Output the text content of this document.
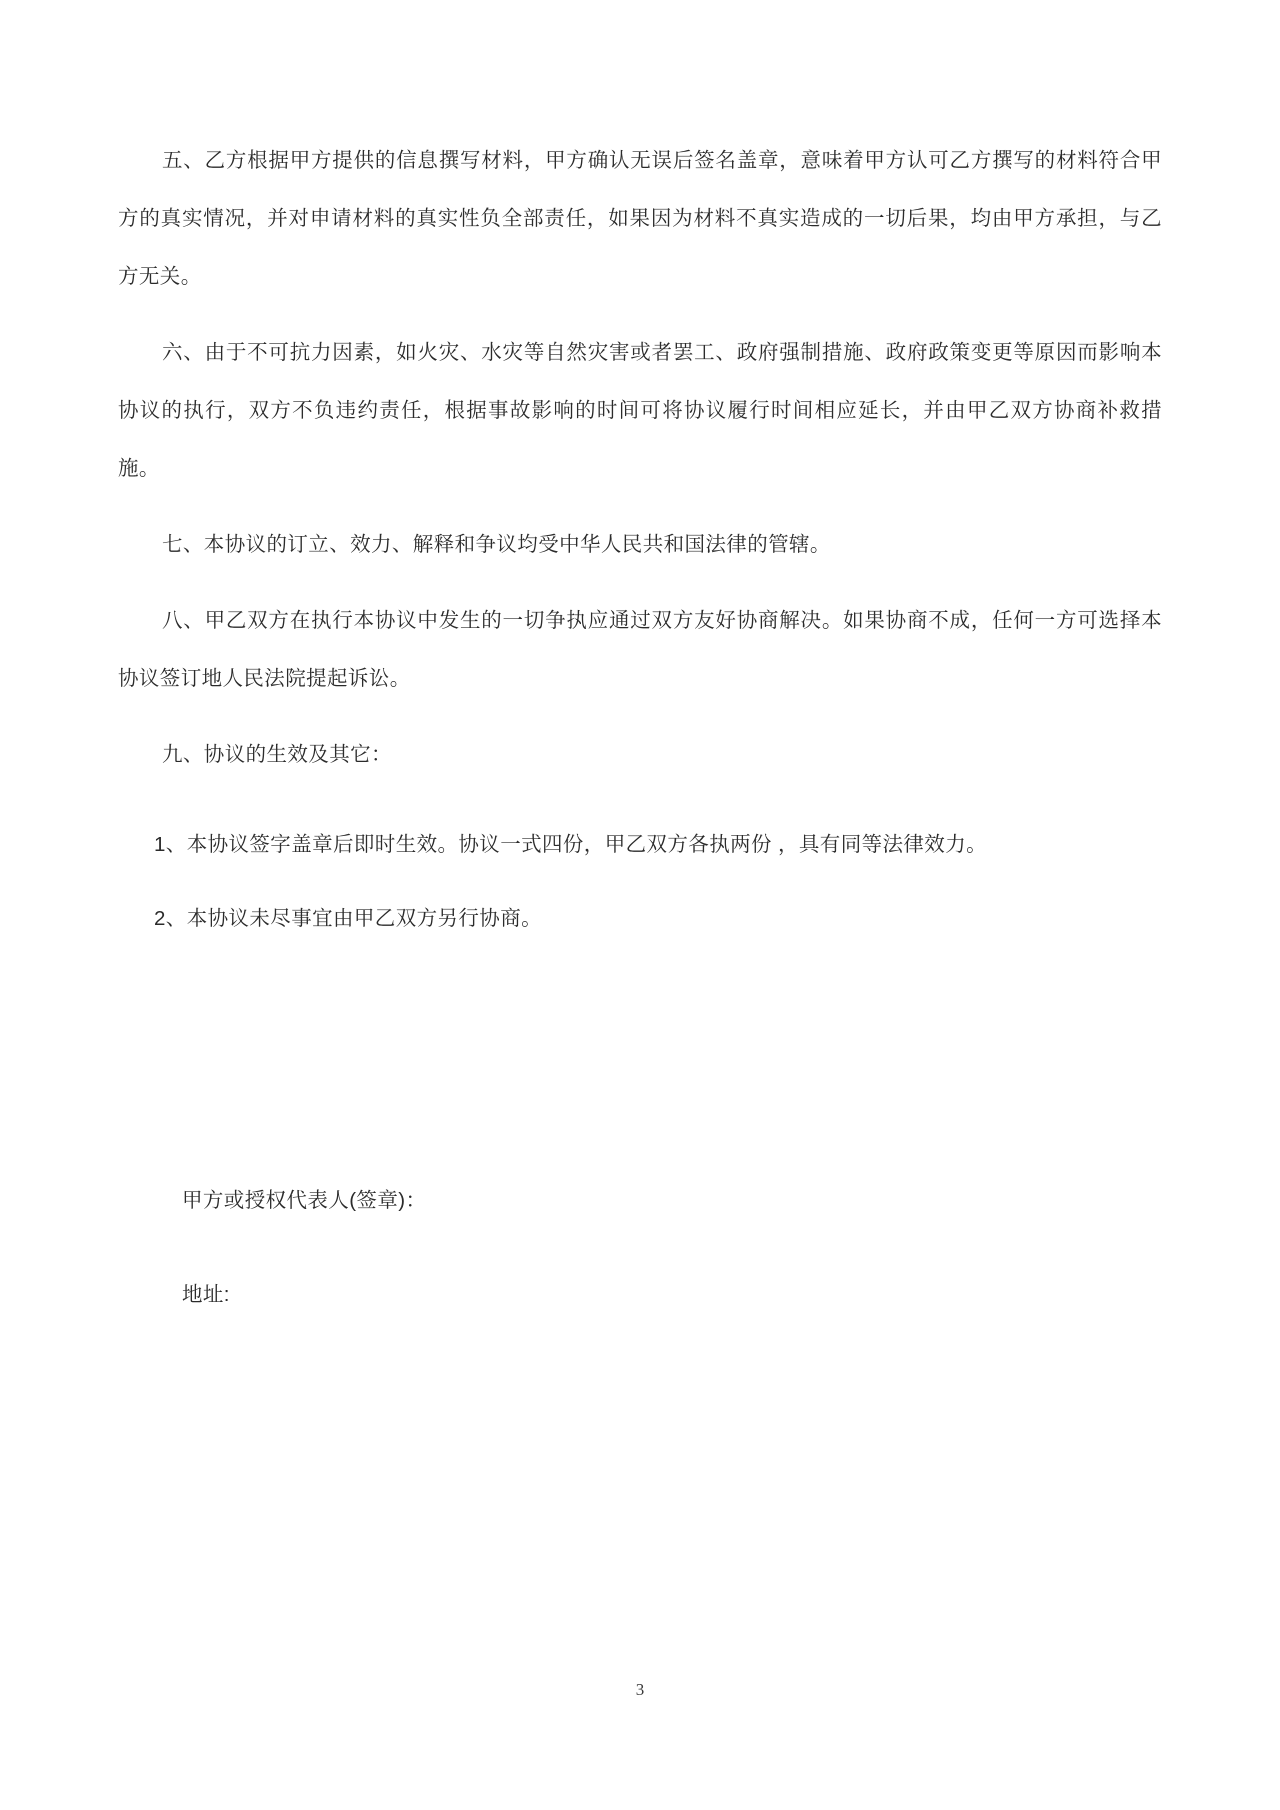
五、乙方根据甲方提供的信息撰写材料，甲方确认无误后签名盖章，意味着甲方认可乙方撰写的材料符合甲方的真实情况，并对申请材料的真实性负全部责任，如果因为材料不真实造成的一切后果，均由甲方承担，与乙方无关。

六、由于不可抗力因素，如火灾、水灾等自然灾害或者罢工、政府强制措施、政府政策变更等原因而影响本协议的执行，双方不负违约责任，根据事故影响的时间可将协议履行时间相应延长，并由甲乙双方协商补救措施。

七、本协议的订立、效力、解释和争议均受中华人民共和国法律的管辖。

八、甲乙双方在执行本协议中发生的一切争执应通过双方友好协商解决。如果协商不成，任何一方可选择本协议签订地人民法院提起诉讼。

九、协议的生效及其它：

1、本协议签字盖章后即时生效。协议一式四份，甲乙双方各执两份 ，具有同等法律效力。

2、本协议未尽事宜由甲乙双方另行协商。

甲方或授权代表人(签章)：

地址:

3
